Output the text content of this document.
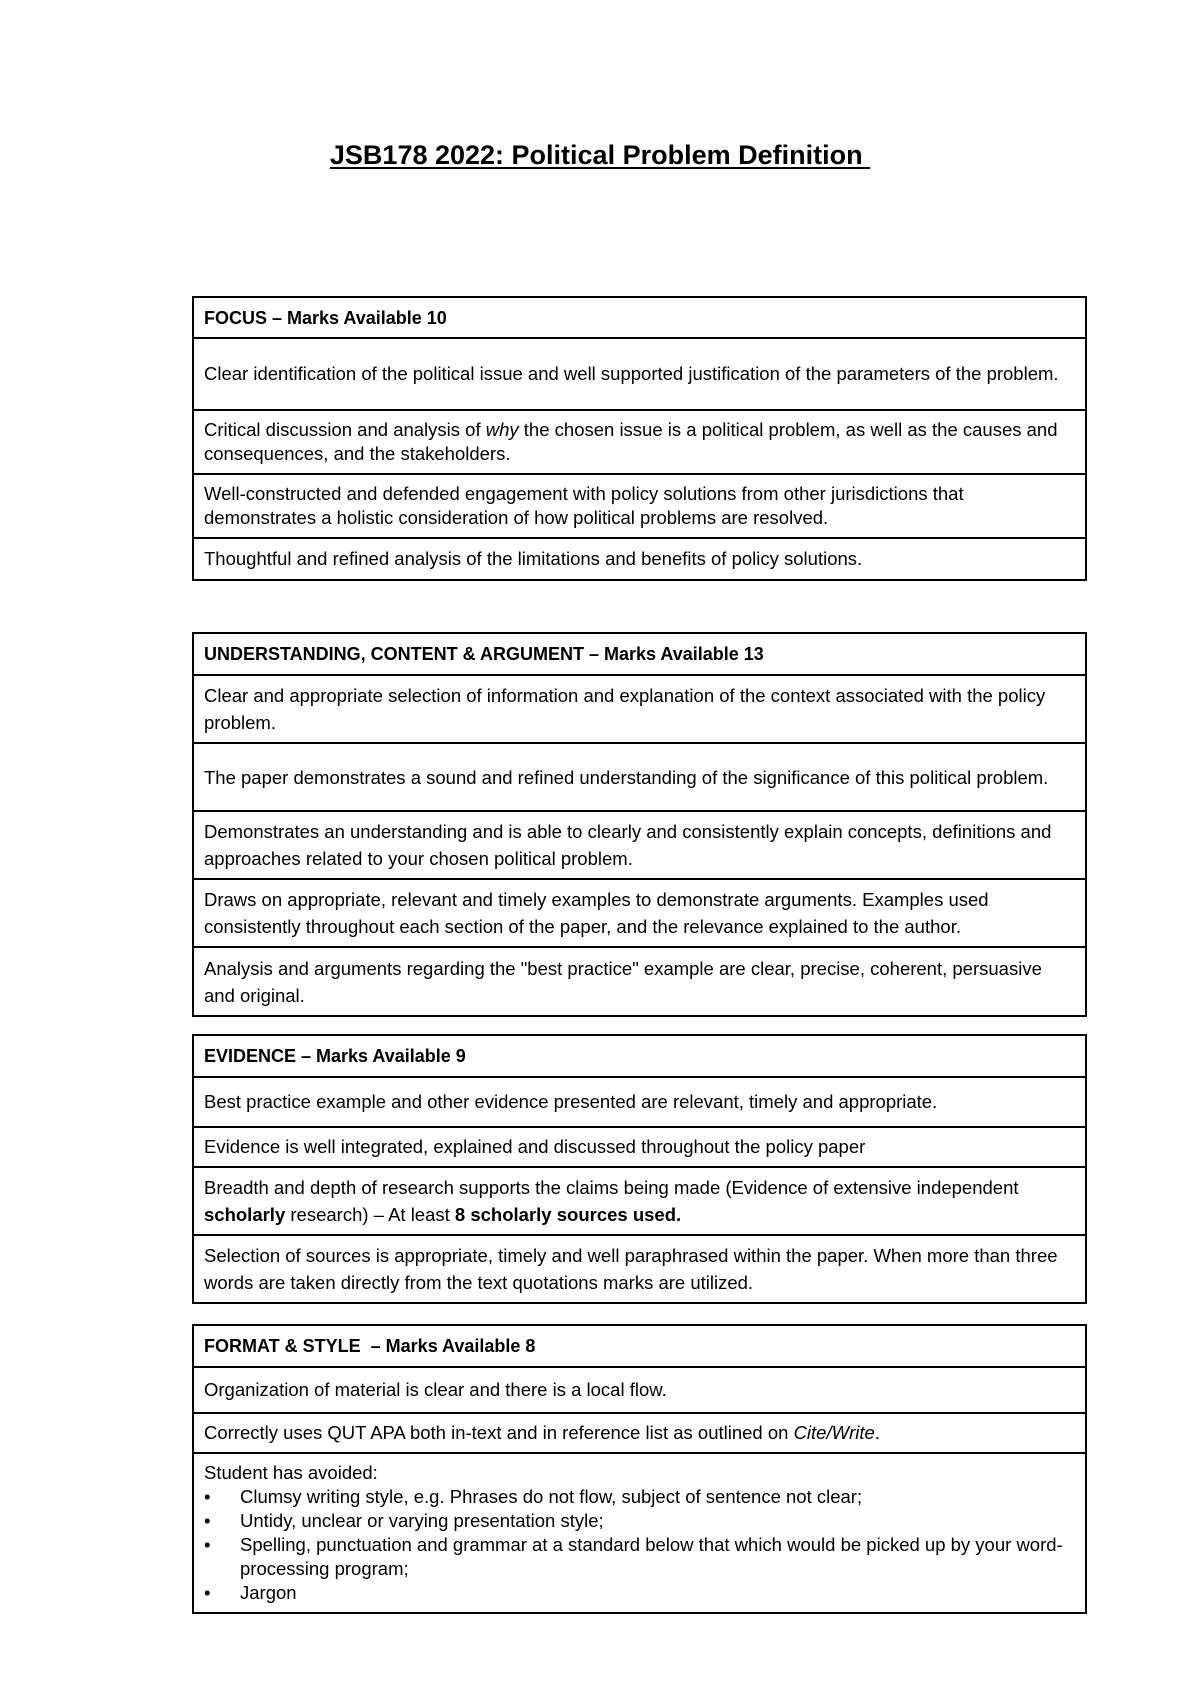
JSB178 2022: Political Problem Definition
FOCUS – Marks Available 10
Clear identification of the political issue and well supported justification of the parameters of the problem.
Critical discussion and analysis of why the chosen issue is a political problem, as well as the causes and consequences, and the stakeholders.
Well-constructed and defended engagement with policy solutions from other jurisdictions that demonstrates a holistic consideration of how political problems are resolved.
Thoughtful and refined analysis of the limitations and benefits of policy solutions.
UNDERSTANDING, CONTENT & ARGUMENT – Marks Available 13
Clear and appropriate selection of information and explanation of the context associated with the policy problem.
The paper demonstrates a sound and refined understanding of the significance of this political problem.
Demonstrates an understanding and is able to clearly and consistently explain concepts, definitions and approaches related to your chosen political problem.
Draws on appropriate, relevant and timely examples to demonstrate arguments. Examples used consistently throughout each section of the paper, and the relevance explained to the author.
Analysis and arguments regarding the "best practice" example are clear, precise, coherent, persuasive and original.
EVIDENCE – Marks Available 9
Best practice example and other evidence presented are relevant, timely and appropriate.
Evidence is well integrated, explained and discussed throughout the policy paper
Breadth and depth of research supports the claims being made (Evidence of extensive independent scholarly research) – At least 8 scholarly sources used.
Selection of sources is appropriate, timely and well paraphrased within the paper. When more than three words are taken directly from the text quotations marks are utilized.
FORMAT & STYLE  – Marks Available 8
Organization of material is clear and there is a local flow.
Correctly uses QUT APA both in-text and in reference list as outlined on Cite/Write.
Student has avoided:
• Clumsy writing style, e.g. Phrases do not flow, subject of sentence not clear;
• Untidy, unclear or varying presentation style;
• Spelling, punctuation and grammar at a standard below that which would be picked up by your word-processing program;
• Jargon
